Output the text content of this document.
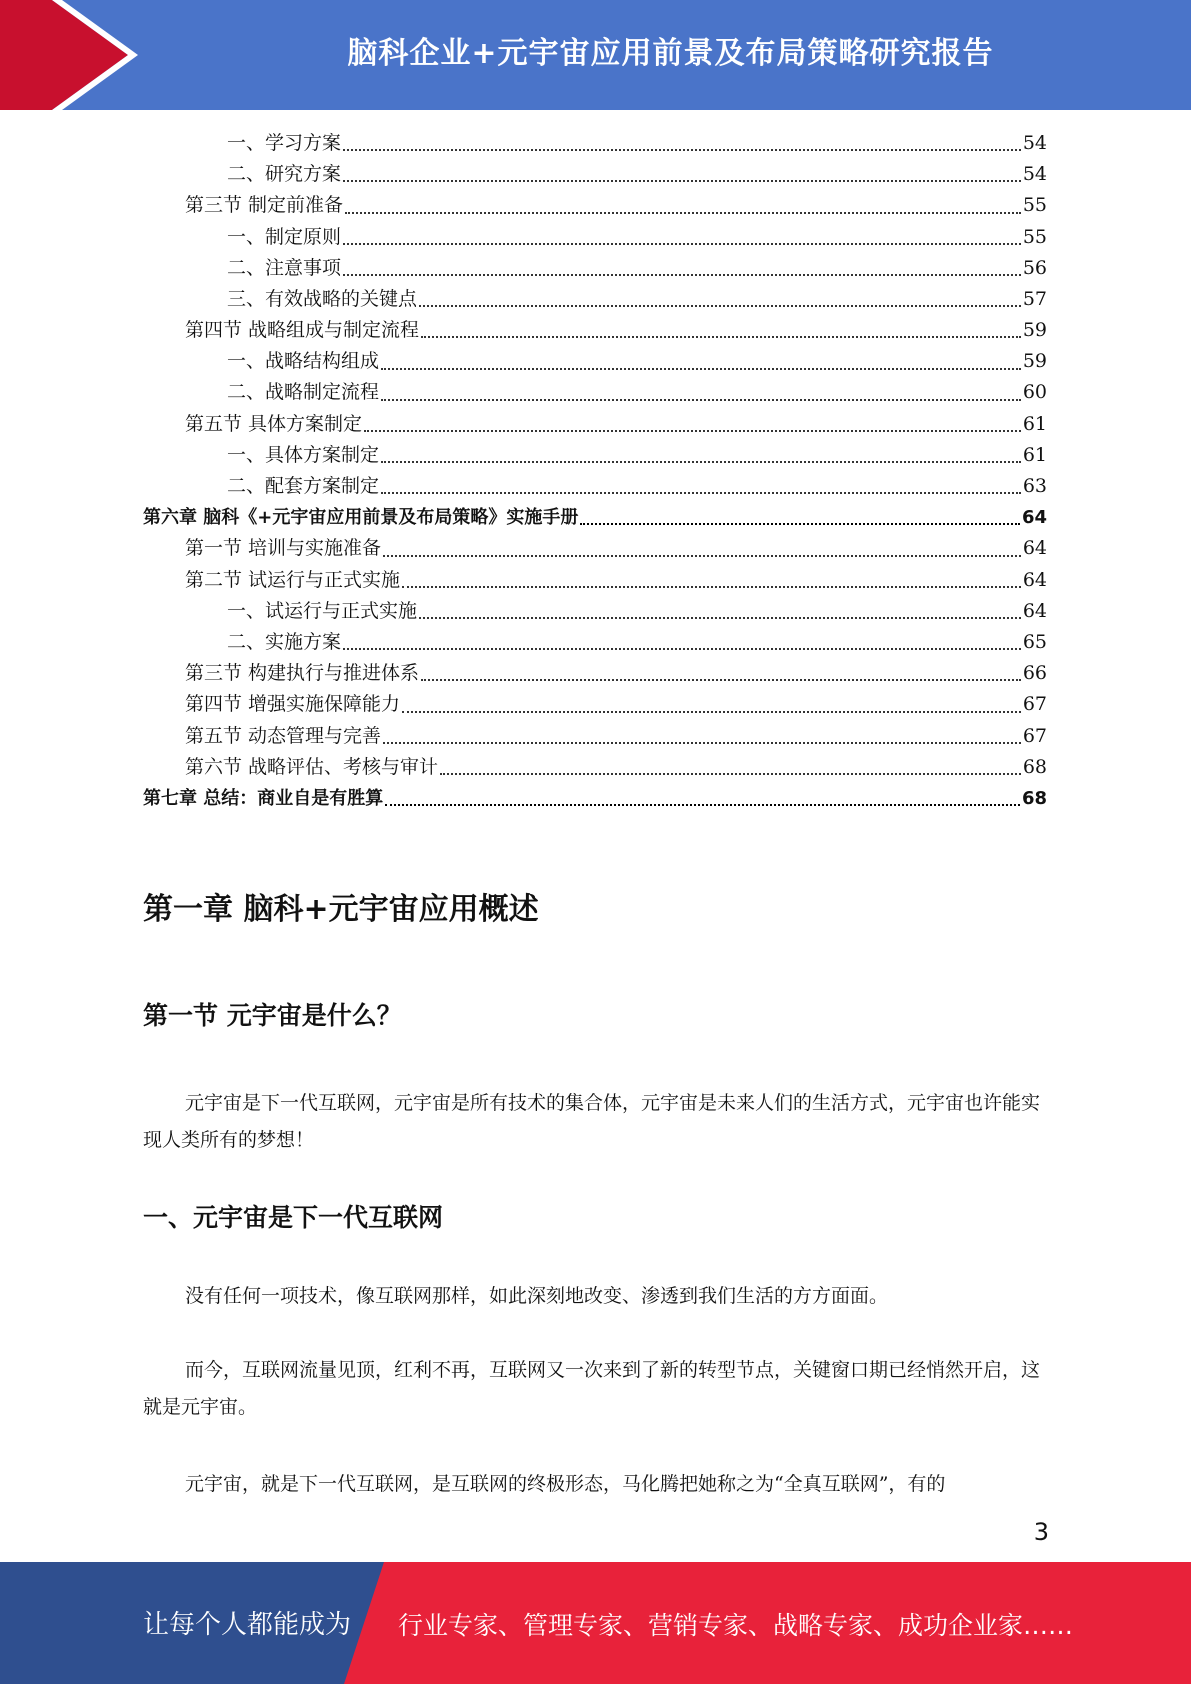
脑科企业+元宇宙应用前景及布局策略研究报告
一、学习方案	54
二、研究方案	54
第三节 制定前准备	55
一、制定原则	55
二、注意事项	56
三、有效战略的关键点	57
第四节 战略组成与制定流程	59
一、战略结构组成	59
二、战略制定流程	60
第五节 具体方案制定	61
一、具体方案制定	61
二、配套方案制定	63
第六章 脑科《+元宇宙应用前景及布局策略》实施手册	64
第一节 培训与实施准备	64
第二节 试运行与正式实施	64
一、试运行与正式实施	64
二、实施方案	65
第三节 构建执行与推进体系	66
第四节 增强实施保障能力	67
第五节 动态管理与完善	67
第六节 战略评估、考核与审计	68
第七章 总结：商业自是有胜算	68
第一章 脑科+元宇宙应用概述
第一节 元宇宙是什么？
元宇宙是下一代互联网，元宇宙是所有技术的集合体，元宇宙是未来人们的生活方式，元宇宙也许能实现人类所有的梦想！
一、元宇宙是下一代互联网
没有任何一项技术，像互联网那样，如此深刻地改变、渗透到我们生活的方方面面。
而今，互联网流量见顶，红利不再，互联网又一次来到了新的转型节点，关键窗口期已经悄然开启，这就是元宇宙。
元宇宙，就是下一代互联网，是互联网的终极形态，马化腾把她称之为“全真互联网”，有的
3
让每个人都能成为 行业专家、管理专家、营销专家、战略专家、成功企业家……
